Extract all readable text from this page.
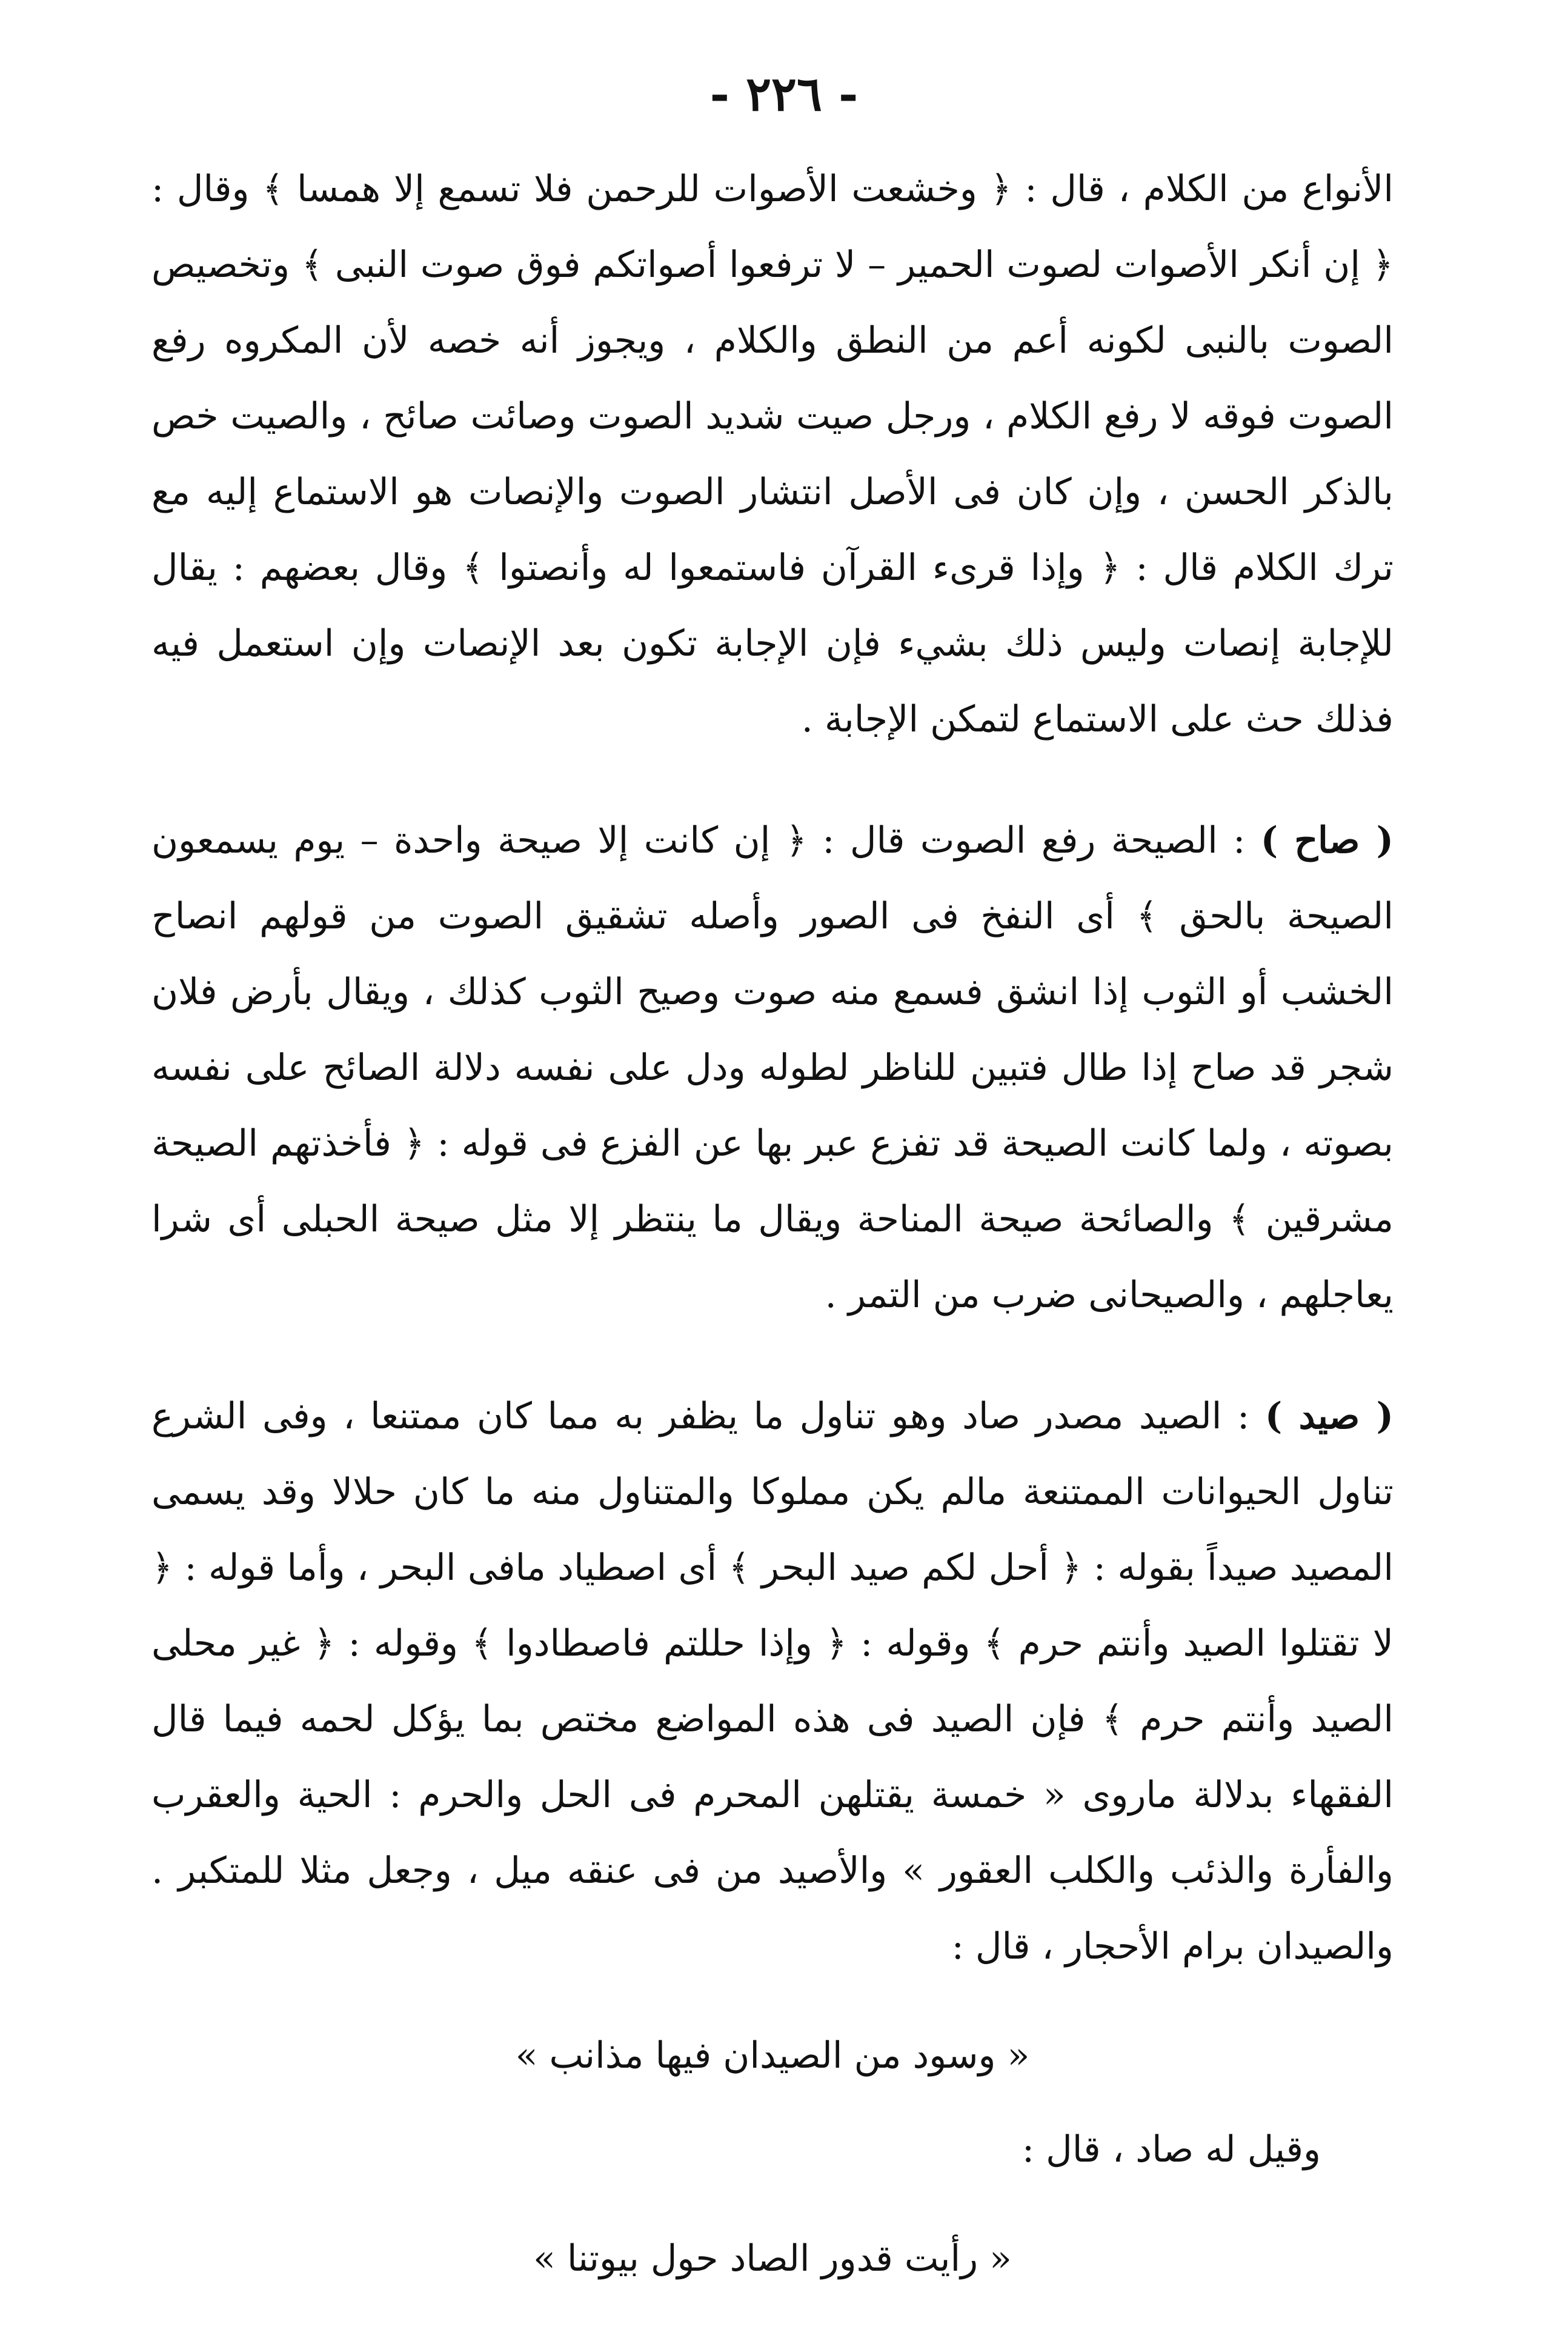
- ٢٢٦ -

الأنواع من الكلام ، قال : ﴿ وخشعت الأصوات للرحمن فلا تسمع إلا همسا ﴾ وقال : ﴿ إن أنكر الأصوات لصوت الحمير – لا ترفعوا أصواتكم فوق صوت النبى ﴾ وتخصيص الصوت بالنبى لكونه أعم من النطق والكلام ، ويجوز أنه خصه لأن المكروه رفع الصوت فوقه لا رفع الكلام ، ورجل صيت شديد الصوت وصائت صائح ، والصيت خص بالذكر الحسن ، وإن كان فى الأصل انتشار الصوت والإنصات هو الاستماع إليه مع ترك الكلام قال : ﴿ وإذا قرىء القرآن فاستمعوا له وأنصتوا ﴾ وقال بعضهم : يقال للإجابة إنصات وليس ذلك بشيء فإن الإجابة تكون بعد الإنصات وإن استعمل فيه فذلك حث على الاستماع لتمكن الإجابة .

( صاح ) : الصيحة رفع الصوت قال : ﴿ إن كانت إلا صيحة واحدة – يوم يسمعون الصيحة بالحق ﴾ أى النفخ فى الصور وأصله تشقيق الصوت من قولهم انصاح الخشب أو الثوب إذا انشق فسمع منه صوت وصيح الثوب كذلك ، ويقال بأرض فلان شجر قد صاح إذا طال فتبين للناظر لطوله ودل على نفسه دلالة الصائح على نفسه بصوته ، ولما كانت الصيحة قد تفزع عبر بها عن الفزع فى قوله : ﴿ فأخذتهم الصيحة مشرقين ﴾ والصائحة صيحة المناحة ويقال ما ينتظر إلا مثل صيحة الحبلى أى شرا يعاجلهم ، والصيحانى ضرب من التمر .

( صيد ) : الصيد مصدر صاد وهو تناول ما يظفر به مما كان ممتنعا ، وفى الشرع تناول الحيوانات الممتنعة مالم يكن مملوكا والمتناول منه ما كان حلالا وقد يسمى المصيد صيداً بقوله : ﴿ أحل لكم صيد البحر ﴾ أى اصطياد مافى البحر ، وأما قوله : ﴿ لا تقتلوا الصيد وأنتم حرم ﴾ وقوله : ﴿ وإذا حللتم فاصطادوا ﴾ وقوله : ﴿ غير محلى الصيد وأنتم حرم ﴾ فإن الصيد فى هذه المواضع مختص بما يؤكل لحمه فيما قال الفقهاء بدلالة ماروى « خمسة يقتلهن المحرم فى الحل والحرم : الحية والعقرب والفأرة والذئب والكلب العقور » والأصيد من فى عنقه ميل ، وجعل مثلا للمتكبر . والصيدان برام الأحجار ، قال :

« وسود من الصيدان فيها مذانب »

وقيل له صاد ، قال :

« رأيت قدور الصاد حول بيوتنا »
